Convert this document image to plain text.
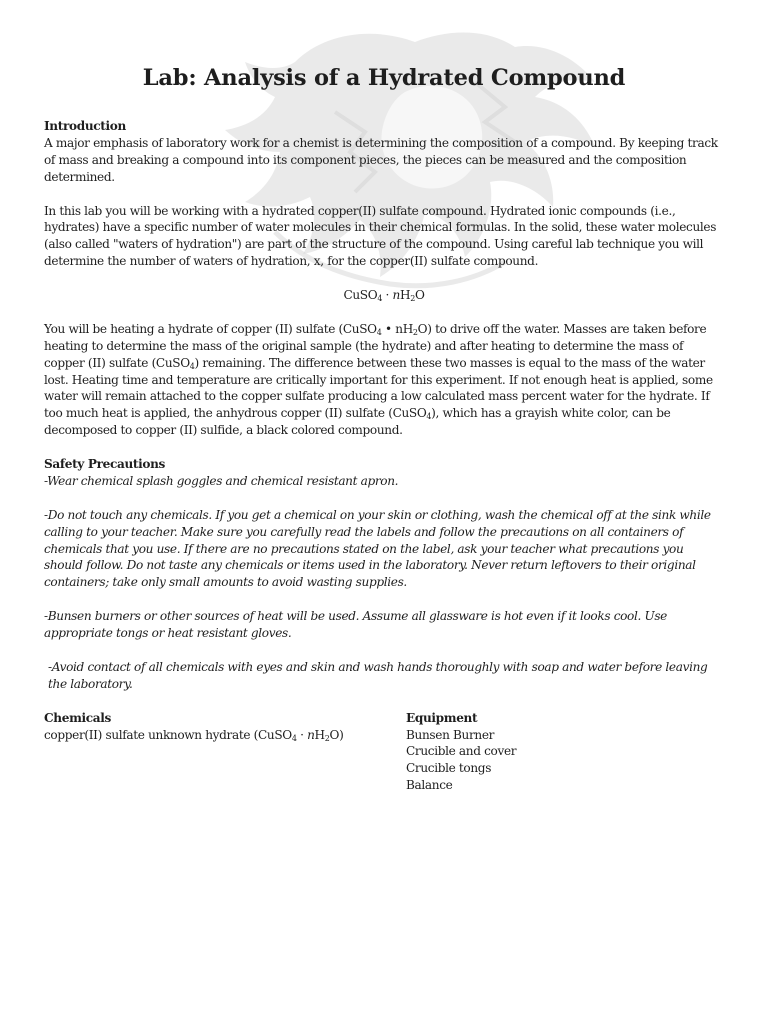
Lab: Analysis of a Hydrated Compound
Introduction

A major emphasis of laboratory work for a chemist is determining the composition of a compound. By keeping track of mass and breaking a compound into its component pieces, the pieces can be measured and the composition determined.

In this lab you will be working with a hydrated copper(II) sulfate compound. Hydrated ionic compounds (i.e., hydrates) have a specific number of water molecules in their chemical formulas. In the solid, these water molecules (also called "waters of hydration") are part of the structure of the compound. Using careful lab technique you will determine the number of waters of hydration, x, for the copper(II) sulfate compound.

CuSO$_4$ · $nH_2O$

You will be heating a hydrate of copper (II) sulfate (CuSO$_4$ • $nH_2O$) to drive off the water. Masses are taken before heating to determine the mass of the original sample (the hydrate) and after heating to determine the mass of copper (II) sulfate (CuSO$_4$) remaining. The difference between these two masses is equal to the mass of the water lost. Heating time and temperature are critically important for this experiment. If not enough heat is applied, some water will remain attached to the copper sulfate producing a low calculated mass percent water for the hydrate. If too much heat is applied, the anhydrous copper (II) sulfate (CuSO$_4$), which has a grayish white color, can be decomposed to copper (II) sulfide, a black colored compound.

Safety Precautions

-Wear chemical splash goggles and chemical resistant apron.

-Do not touch any chemicals. If you get a chemical on your skin or clothing, wash the chemical off at the sink while calling to your teacher. Make sure you carefully read the labels and follow the precautions on all containers of chemicals that you use. If there are no precautions stated on the label, ask your teacher what precautions you should follow. Do not taste any chemicals or items used in the laboratory. Never return leftovers to their original containers; take only small amounts to avoid wasting supplies.

-Bunsen burners or other sources of heat will be used. Assume all glassware is hot even if it looks cool. Use appropriate tongs or heat resistant gloves.

-Avoid contact of all chemicals with eyes and skin and wash hands thoroughly with soap and water before leaving the laboratory.

Chemicals
copper(II) sulfate unknown hydrate (CuSO$_4$ · $nH_2O$)
Equipment
Bunsen Burner
Crucible and cover
Crucible tongs
Balance
